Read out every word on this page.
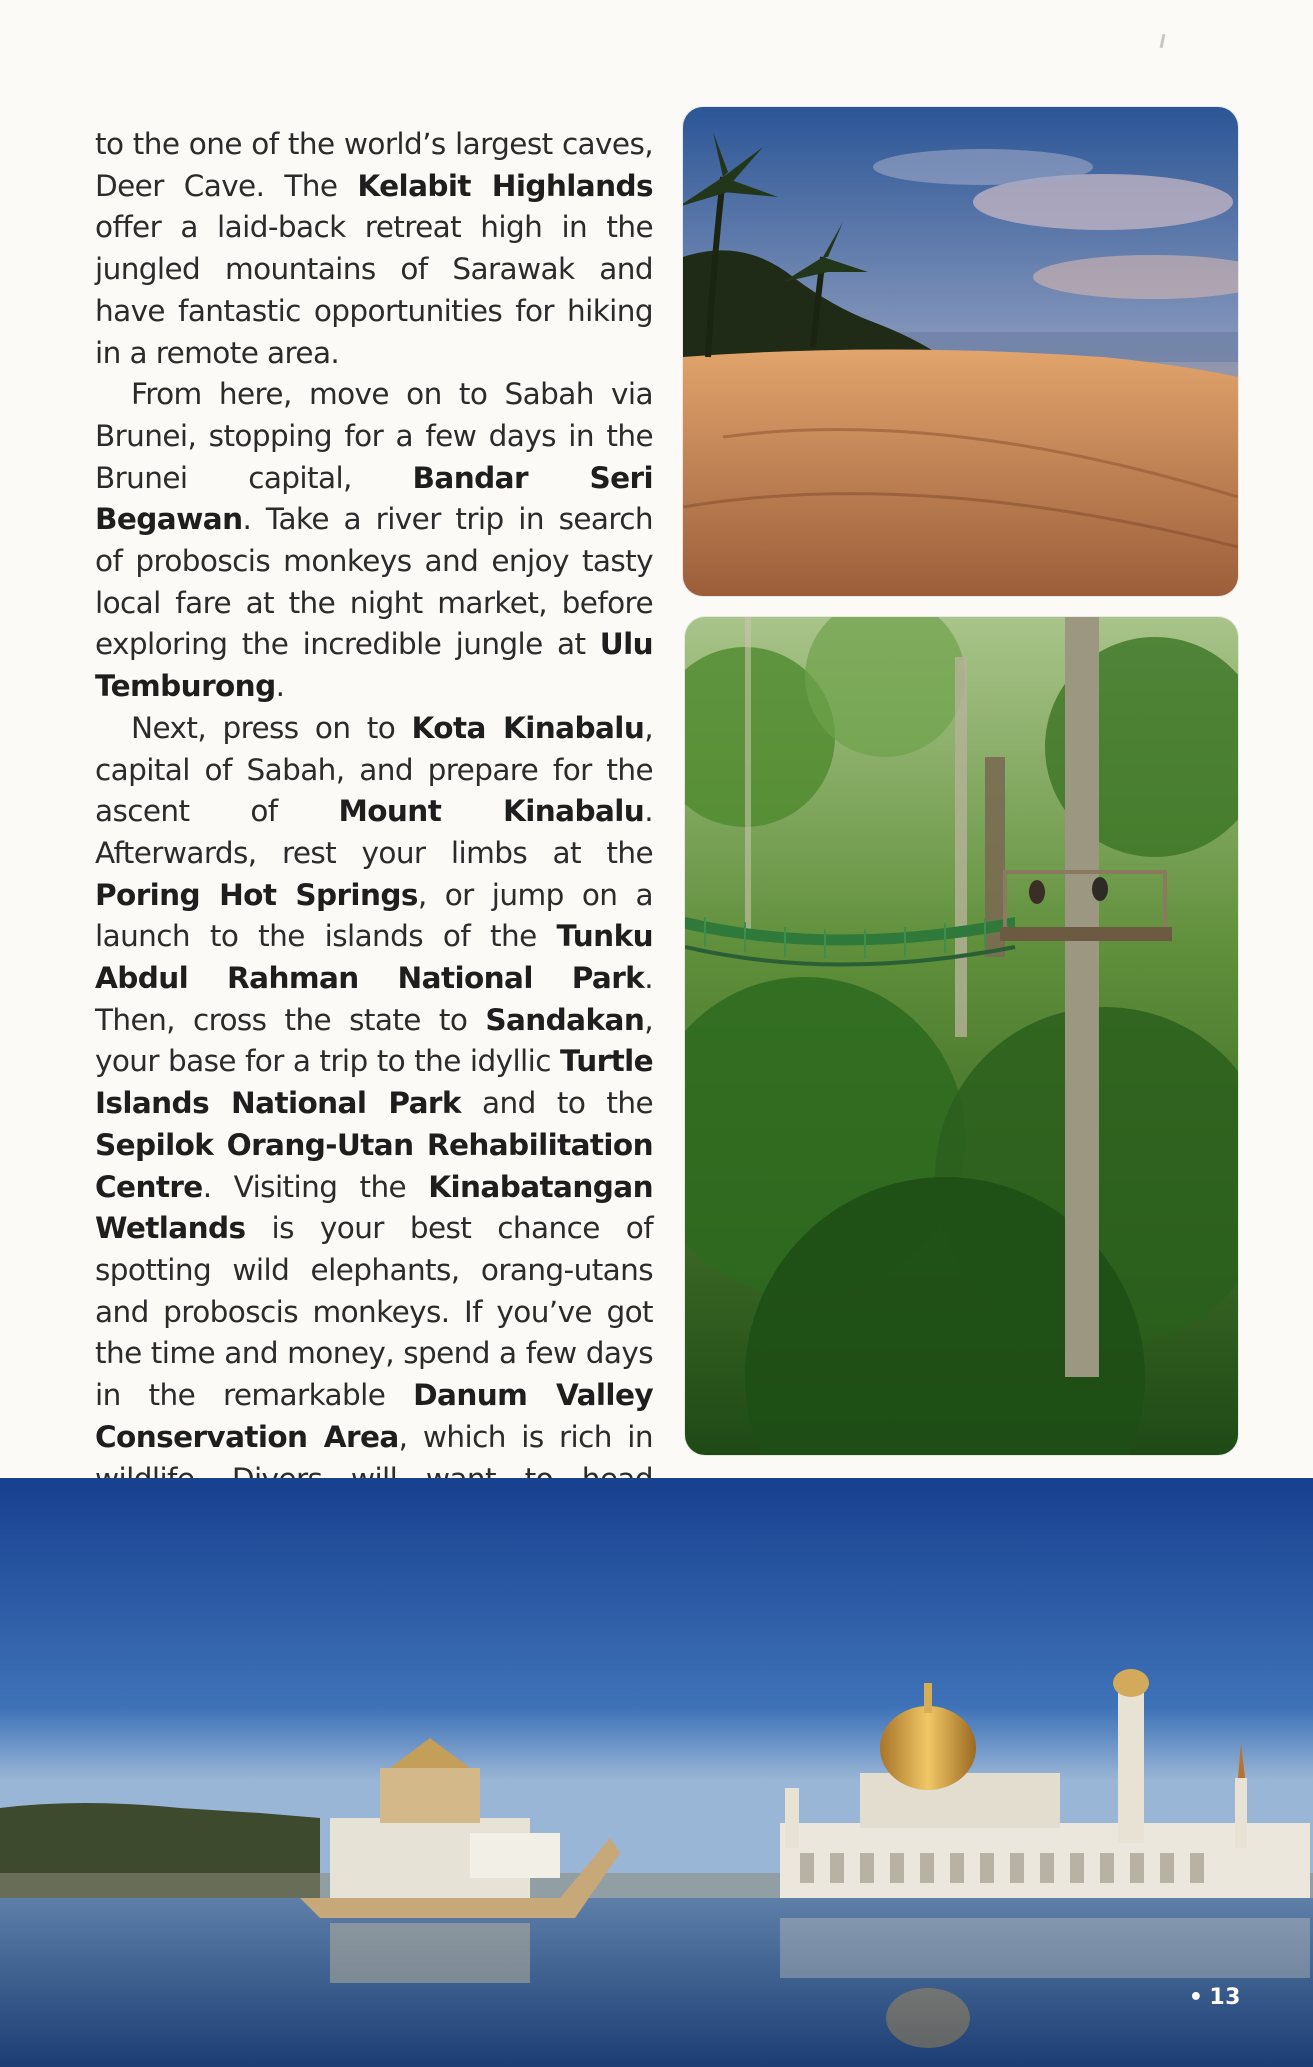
to the one of the world’s largest caves, Deer Cave. The Kelabit Highlands offer a laid-back retreat high in the jungled mountains of Sarawak and have fantastic opportunities for hiking in a remote area.

From here, move on to Sabah via Brunei, stopping for a few days in the Brunei capital, Bandar Seri Begawan. Take a river trip in search of proboscis monkeys and enjoy tasty local fare at the night market, before exploring the incredible jungle at Ulu Temburong.

Next, press on to Kota Kinabalu, capital of Sabah, and prepare for the ascent of Mount Kinabalu. Afterwards, rest your limbs at the Poring Hot Springs, or jump on a launch to the islands of the Tunku Abdul Rahman National Park. Then, cross the state to Sandakan, your base for a trip to the idyllic Turtle Islands National Park and to the Sepilok Orang-Utan Rehabilitation Centre. Visiting the Kinabatangan Wetlands is your best chance of spotting wild elephants, orang-utans and proboscis monkeys. If you’ve got the time and money, spend a few days in the remarkable Danum Valley Conservation Area, which is rich in

• 13
